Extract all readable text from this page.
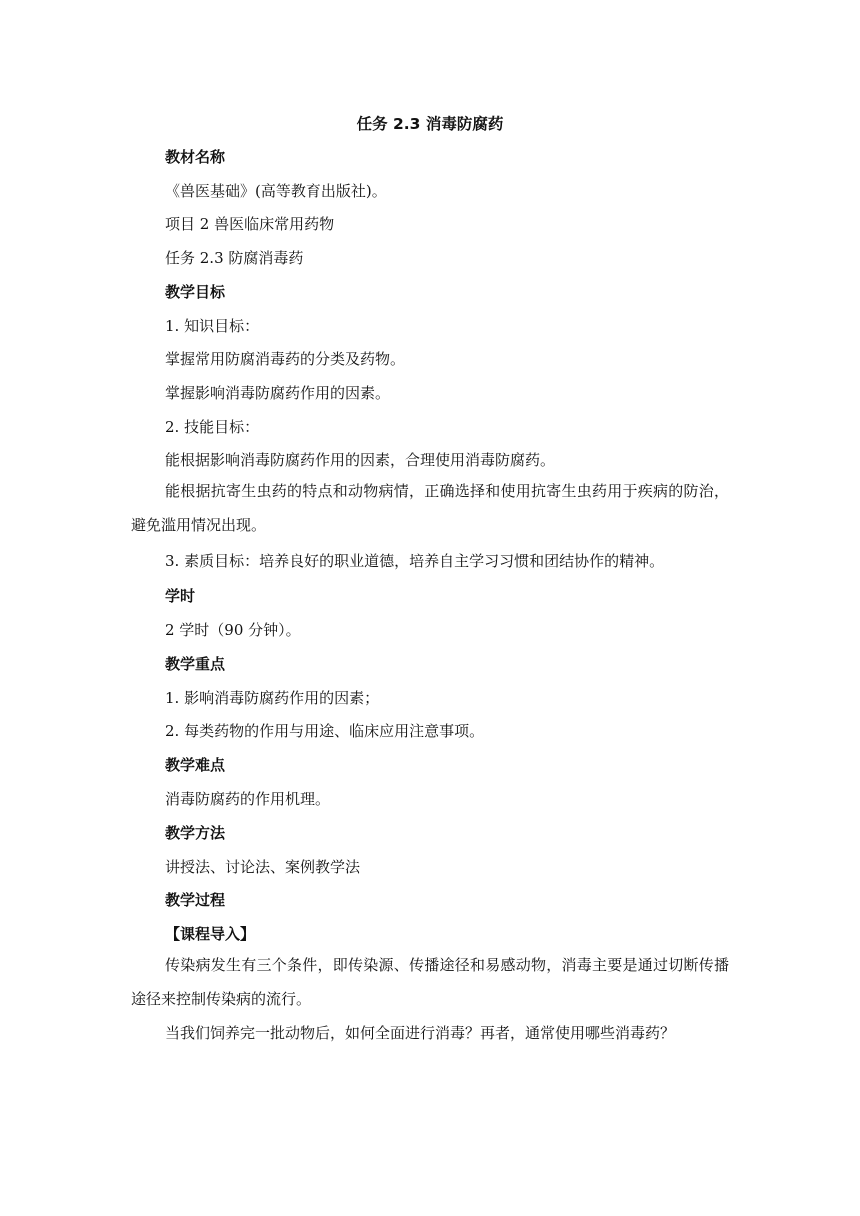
任务 2.3 消毒防腐药
教材名称
《兽医基础》(高等教育出版社)。
项目 2 兽医临床常用药物
任务 2.3 防腐消毒药
教学目标
1. 知识目标：
掌握常用防腐消毒药的分类及药物。
掌握影响消毒防腐药作用的因素。
2. 技能目标：
能根据影响消毒防腐药作用的因素，合理使用消毒防腐药。
能根据抗寄生虫药的特点和动物病情，正确选择和使用抗寄生虫药用于疾病的防治，避免滥用情况出现。
3. 素质目标：培养良好的职业道德，培养自主学习习惯和团结协作的精神。
学时
2 学时（90 分钟）。
教学重点
1. 影响消毒防腐药作用的因素；
2. 每类药物的作用与用途、临床应用注意事项。
教学难点
消毒防腐药的作用机理。
教学方法
讲授法、讨论法、案例教学法
教学过程
【课程导入】
传染病发生有三个条件，即传染源、传播途径和易感动物，消毒主要是通过切断传播途径来控制传染病的流行。
当我们饲养完一批动物后，如何全面进行消毒？再者，通常使用哪些消毒药？
